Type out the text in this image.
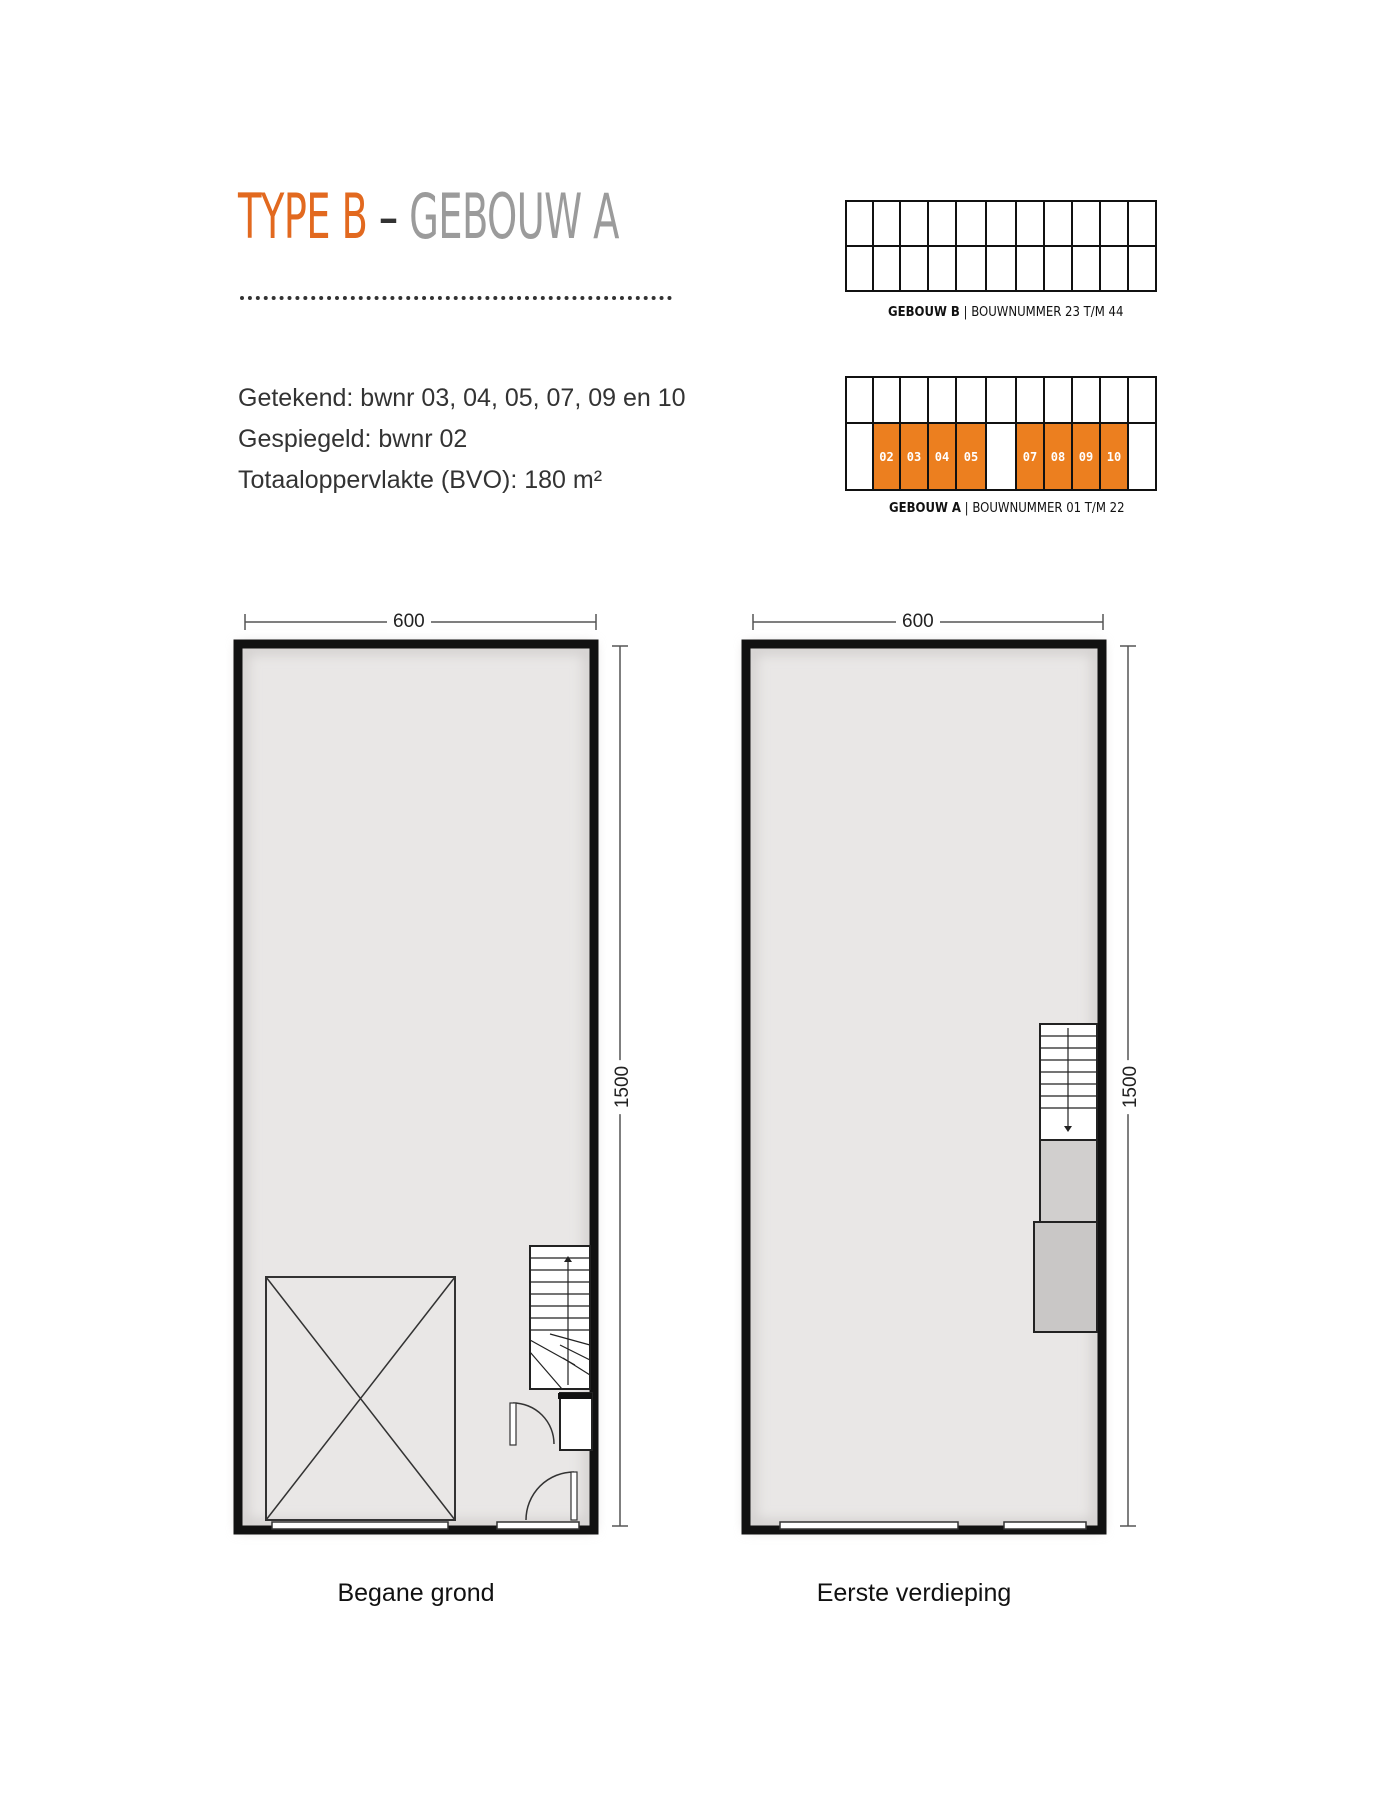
TYPE B – GEBOUW A
Getekend: bwnr 03, 04, 05, 07, 09 en 10
Gespiegeld: bwnr 02
Totaaloppervlakte (BVO): 180 m²
GEBOUW B | BOUWNUMMER 23 T/M 44
02	03	04	05	07	08	09	10
GEBOUW A | BOUWNUMMER 01 T/M 22
600
1500
600
1500
Begane grond	Eerste verdieping
